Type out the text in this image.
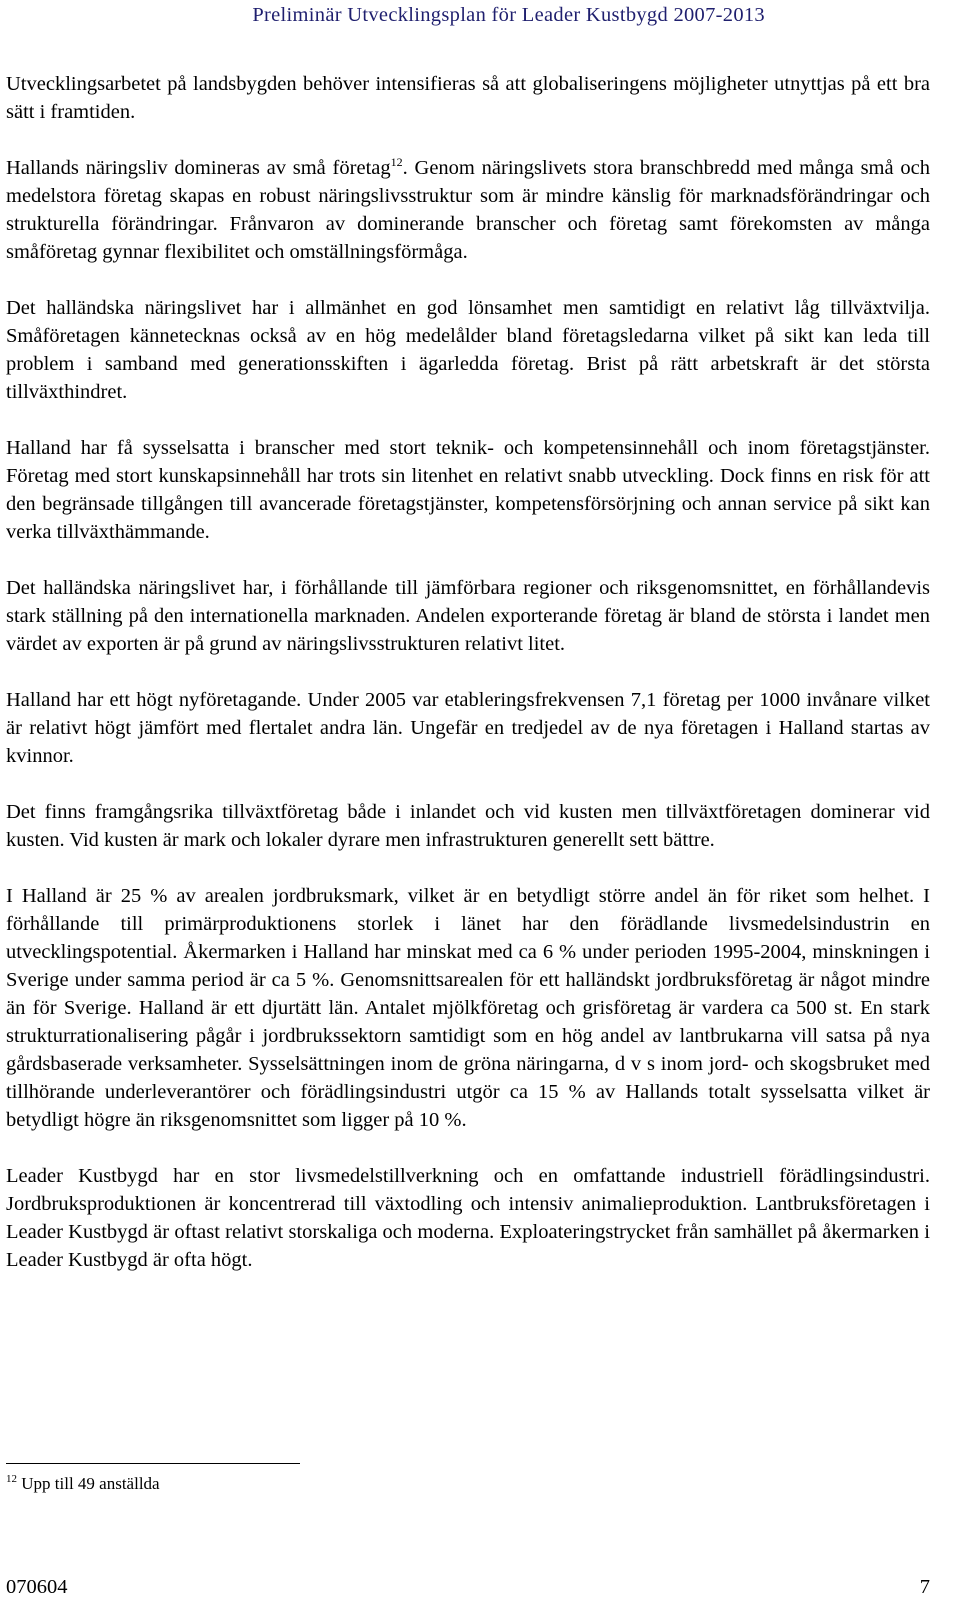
Preliminär Utvecklingsplan för Leader Kustbygd 2007-2013

Utvecklingsarbetet på landsbygden behöver intensifieras så att globaliseringens möjligheter utnyttjas på ett bra sätt i framtiden.

Hallands näringsliv domineras av små företag$^{12}$. Genom näringslivets stora branschbredd med många små och medelstora företag skapas en robust näringslivsstruktur som är mindre känslig för marknadsförändringar och strukturella förändringar. Frånvaron av dominerande branscher och företag samt förekomsten av många småföretag gynnar flexibilitet och omställningsförmåga.

Det halländska näringslivet har i allmänhet en god lönsamhet men samtidigt en relativt låg tillväxtvilja. Småföretagen kännetecknas också av en hög medelålder bland företagsledarna vilket på sikt kan leda till problem i samband med generationsskiften i ägarledda företag. Brist på rätt arbetskraft är det största tillväxthindret.

Halland har få sysselsatta i branscher med stort teknik- och kompetensinnehåll och inom företagstjänster. Företag med stort kunskapsinnehåll har trots sin litenhet en relativt snabb utveckling. Dock finns en risk för att den begränsade tillgången till avancerade företagstjänster, kompetensförsörjning och annan service på sikt kan verka tillväxthämmande.

Det halländska näringslivet har, i förhållande till jämförbara regioner och riksgenomsnittet, en förhållandevis stark ställning på den internationella marknaden. Andelen exporterande företag är bland de största i landet men värdet av exporten är på grund av näringslivsstrukturen relativt litet.

Halland har ett högt nyföretagande. Under 2005 var etableringsfrekvensen 7,1 företag per 1000 invånare vilket är relativt högt jämfört med flertalet andra län. Ungefär en tredjedel av de nya företagen i Halland startas av kvinnor.

Det finns framgångsrika tillväxtföretag både i inlandet och vid kusten men tillväxtföretagen dominerar vid kusten. Vid kusten är mark och lokaler dyrare men infrastrukturen generellt sett bättre.

I Halland är 25 % av arealen jordbruksmark, vilket är en betydligt större andel än för riket som helhet. I förhållande till primärproduktionens storlek i länet har den förädlande livsmedelsindustrin en utvecklingspotential. Åkermarken i Halland har minskat med ca 6 % under perioden 1995-2004, minskningen i Sverige under samma period är ca 5 %. Genomsnittsarealen för ett halländskt jordbruksföretag är något mindre än för Sverige. Halland är ett djurtätt län. Antalet mjölkföretag och grisföretag är vardera ca 500 st. En stark strukturrationalisering pågår i jordbrukssektorn samtidigt som en hög andel av lantbrukarna vill satsa på nya gårdsbaserade verksamheter. Sysselsättningen inom de gröna näringarna, d v s inom jord- och skogsbruket med tillhörande underleverantörer och förädlingsindustri utgör ca 15 % av Hallands totalt sysselsatta vilket är betydligt högre än riksgenomsnittet som ligger på 10 %.

Leader Kustbygd har en stor livsmedelstillverkning och en omfattande industriell förädlingsindustri. Jordbruksproduktionen är koncentrerad till växtodling och intensiv animalieproduktion. Lantbruksföretagen i Leader Kustbygd är oftast relativt storskaliga och moderna. Exploateringstrycket från samhället på åkermarken i Leader Kustbygd är ofta högt.

$^{12}$ Upp till 49 anställda
070604	7
